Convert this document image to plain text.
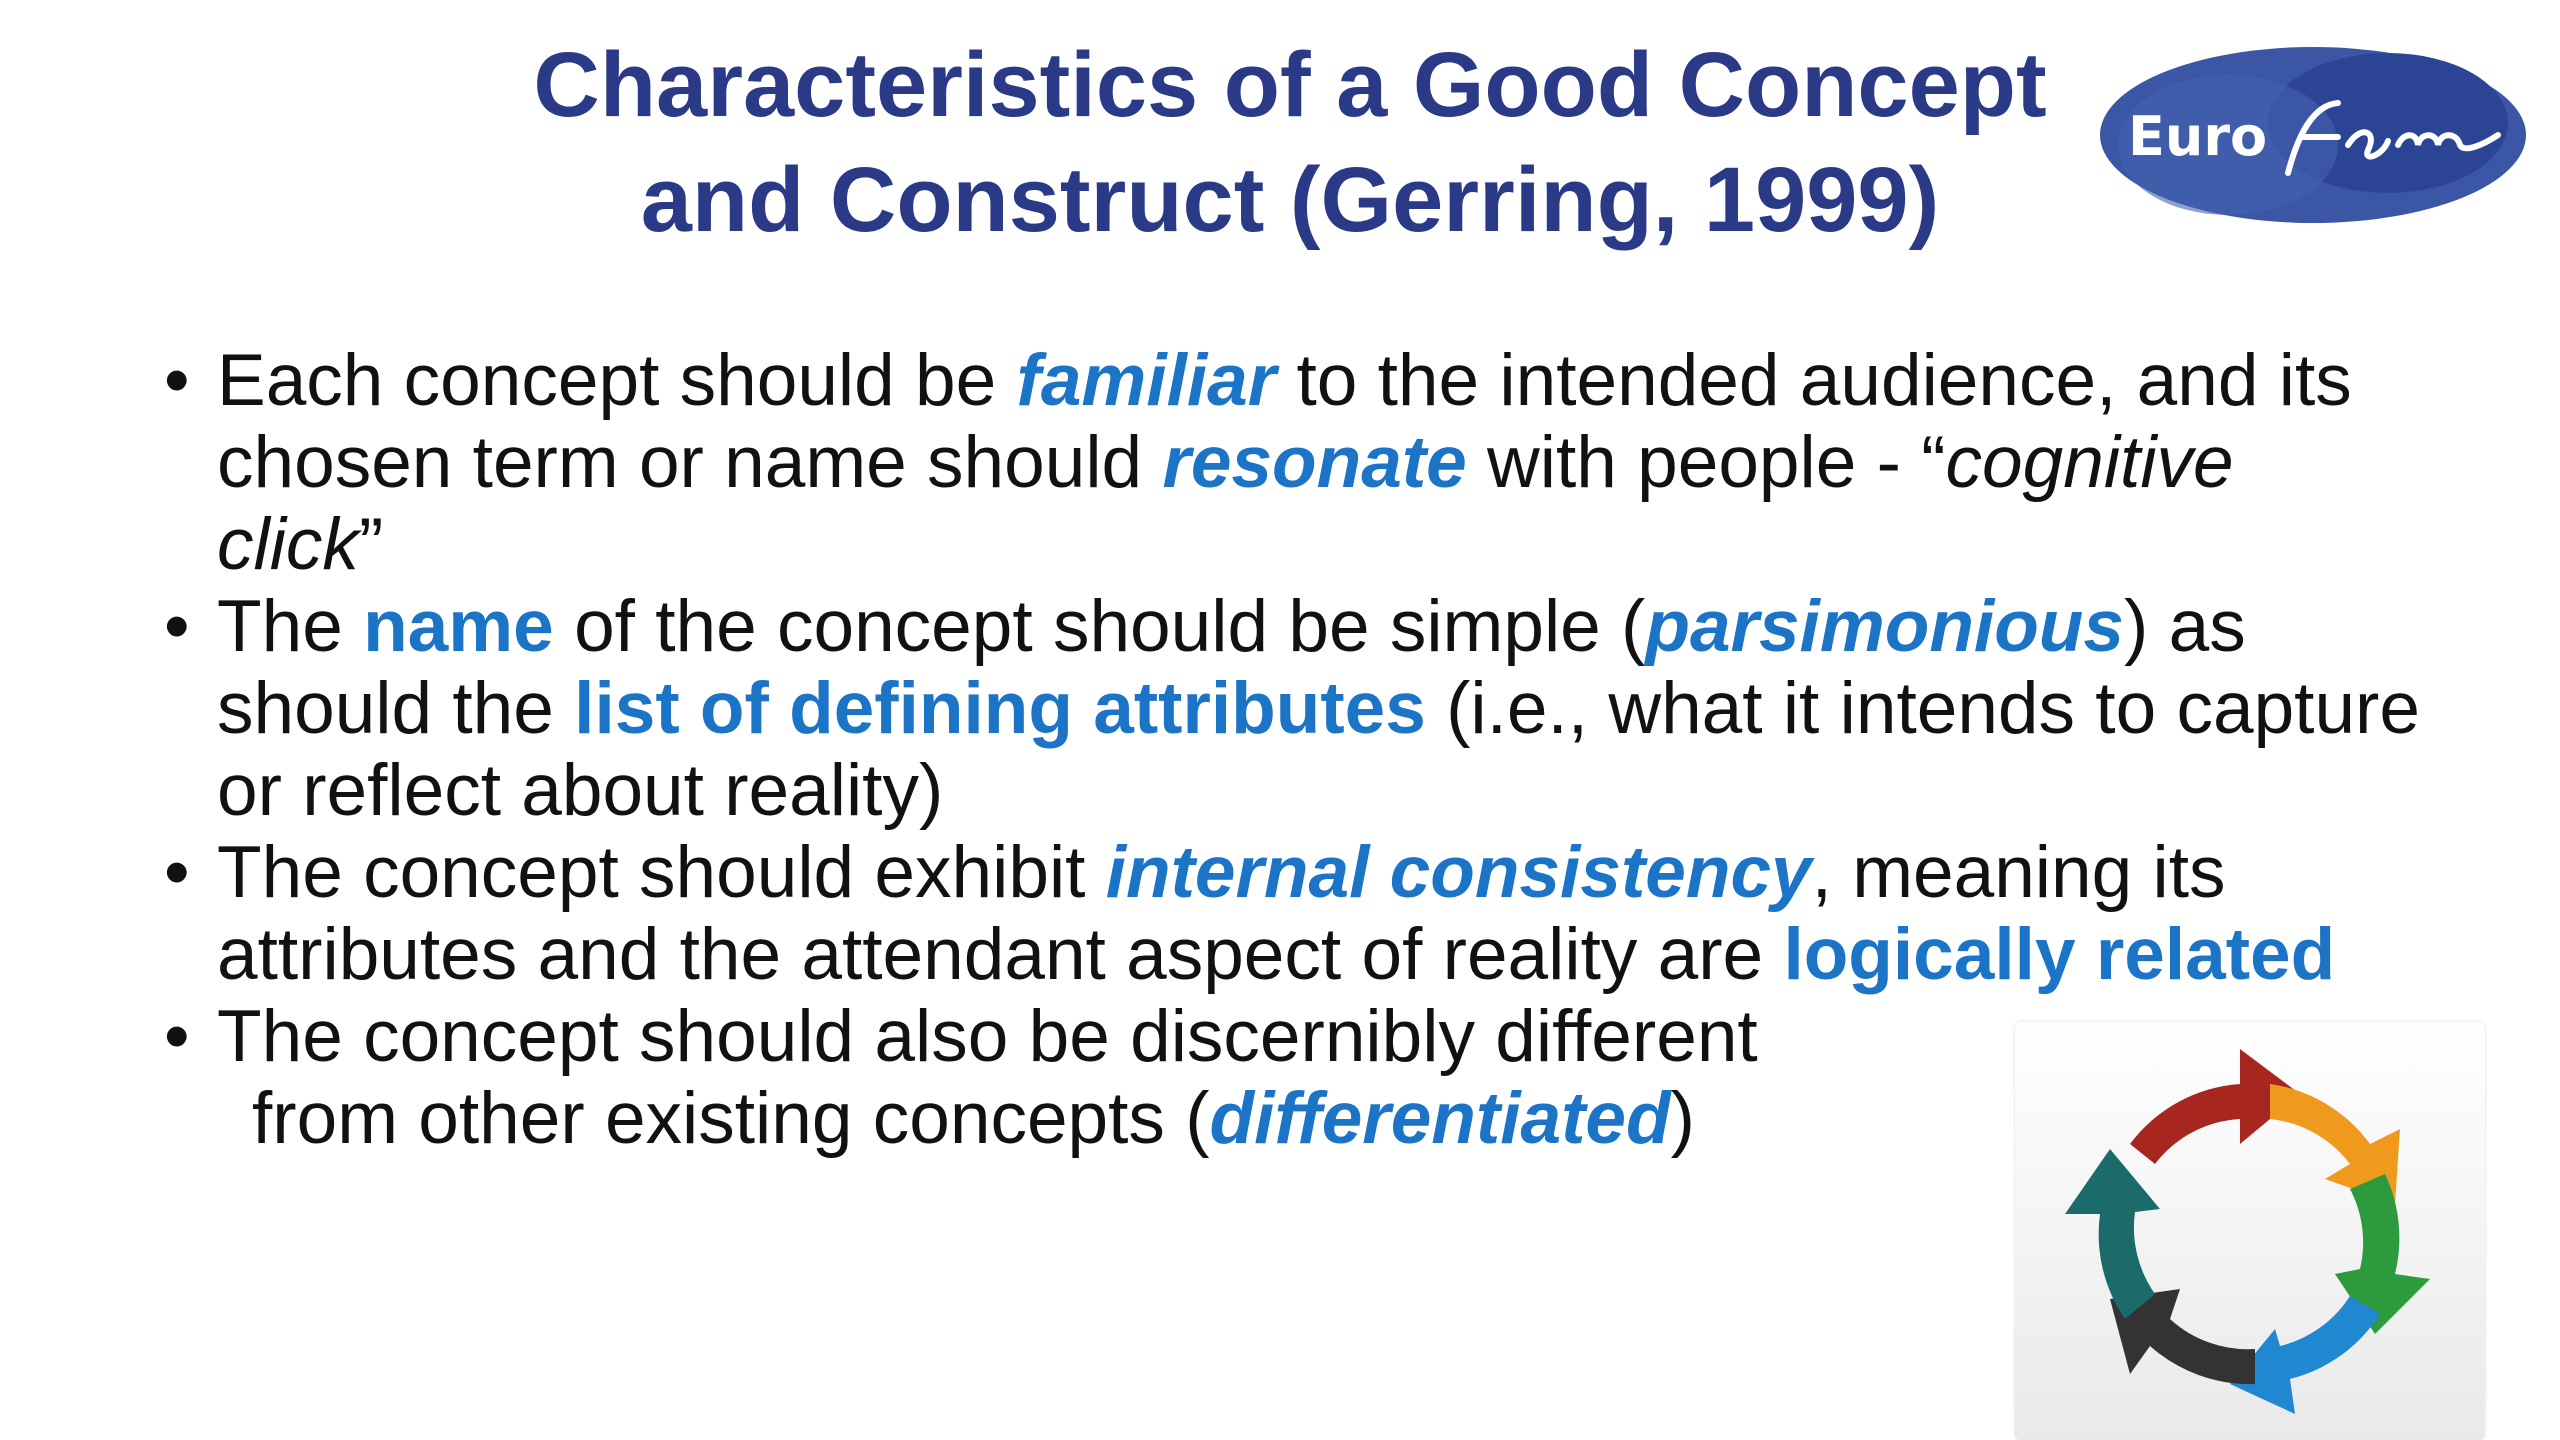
Characteristics of a Good Concept
and Construct (Gerring, 1999)
Euro
• Each concept should be familiar to the intended audience, and its chosen term or name should resonate with people - “cognitive click”
• The name of the concept should be simple (parsimonious) as should the list of defining attributes (i.e., what it intends to capture or reflect about reality)
• The concept should exhibit internal consistency, meaning its attributes and the attendant aspect of reality are logically related
• The concept should also be discernibly different
from other existing concepts (differentiated)
